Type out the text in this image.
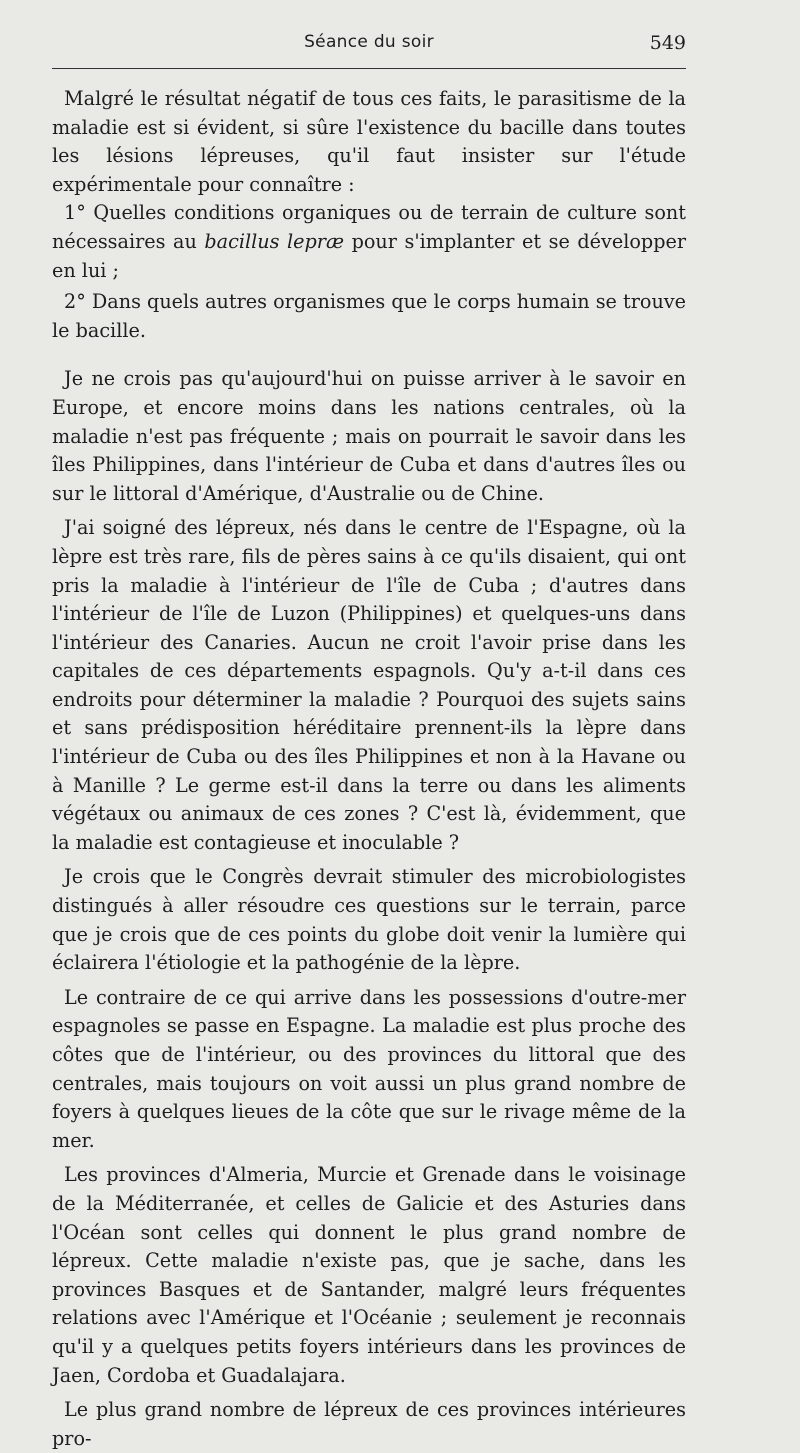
Séance du soir	549

Malgré le résultat négatif de tous ces faits, le parasitisme de la maladie est si évident, si sûre l'existence du bacille dans toutes les lésions lépreuses, qu'il faut insister sur l'étude expérimentale pour connaître :

1° Quelles conditions organiques ou de terrain de culture sont nécessaires au bacillus lepræ pour s'implanter et se développer en lui ;

2° Dans quels autres organismes que le corps humain se trouve le bacille.

Je ne crois pas qu'aujourd'hui on puisse arriver à le savoir en Europe, et encore moins dans les nations centrales, où la maladie n'est pas fréquente ; mais on pourrait le savoir dans les îles Philippines, dans l'intérieur de Cuba et dans d'autres îles ou sur le littoral d'Amérique, d'Australie ou de Chine.

J'ai soigné des lépreux, nés dans le centre de l'Espagne, où la lèpre est très rare, fils de pères sains à ce qu'ils disaient, qui ont pris la maladie à l'intérieur de l'île de Cuba ; d'autres dans l'intérieur de l'île de Luzon (Philippines) et quelques-uns dans l'intérieur des Canaries. Aucun ne croit l'avoir prise dans les capitales de ces départements espagnols. Qu'y a-t-il dans ces endroits pour déterminer la maladie ? Pourquoi des sujets sains et sans prédisposition héréditaire prennent-ils la lèpre dans l'intérieur de Cuba ou des îles Philippines et non à la Havane ou à Manille ? Le germe est-il dans la terre ou dans les aliments végétaux ou animaux de ces zones ? C'est là, évidemment, que la maladie est contagieuse et inoculable ?

Je crois que le Congrès devrait stimuler des microbiologistes distingués à aller résoudre ces questions sur le terrain, parce que je crois que de ces points du globe doit venir la lumière qui éclairera l'étiologie et la pathogénie de la lèpre.

Le contraire de ce qui arrive dans les possessions d'outre-mer espagnoles se passe en Espagne. La maladie est plus proche des côtes que de l'intérieur, ou des provinces du littoral que des centrales, mais toujours on voit aussi un plus grand nombre de foyers à quelques lieues de la côte que sur le rivage même de la mer.

Les provinces d'Almeria, Murcie et Grenade dans le voisinage de la Méditerranée, et celles de Galicie et des Asturies dans l'Océan sont celles qui donnent le plus grand nombre de lépreux. Cette maladie n'existe pas, que je sache, dans les provinces Basques et de Santander, malgré leurs fréquentes relations avec l'Amérique et l'Océanie ; seulement je reconnais qu'il y a quelques petits foyers intérieurs dans les provinces de Jaen, Cordoba et Guadalajara.

Le plus grand nombre de lépreux de ces provinces intérieures pro-
